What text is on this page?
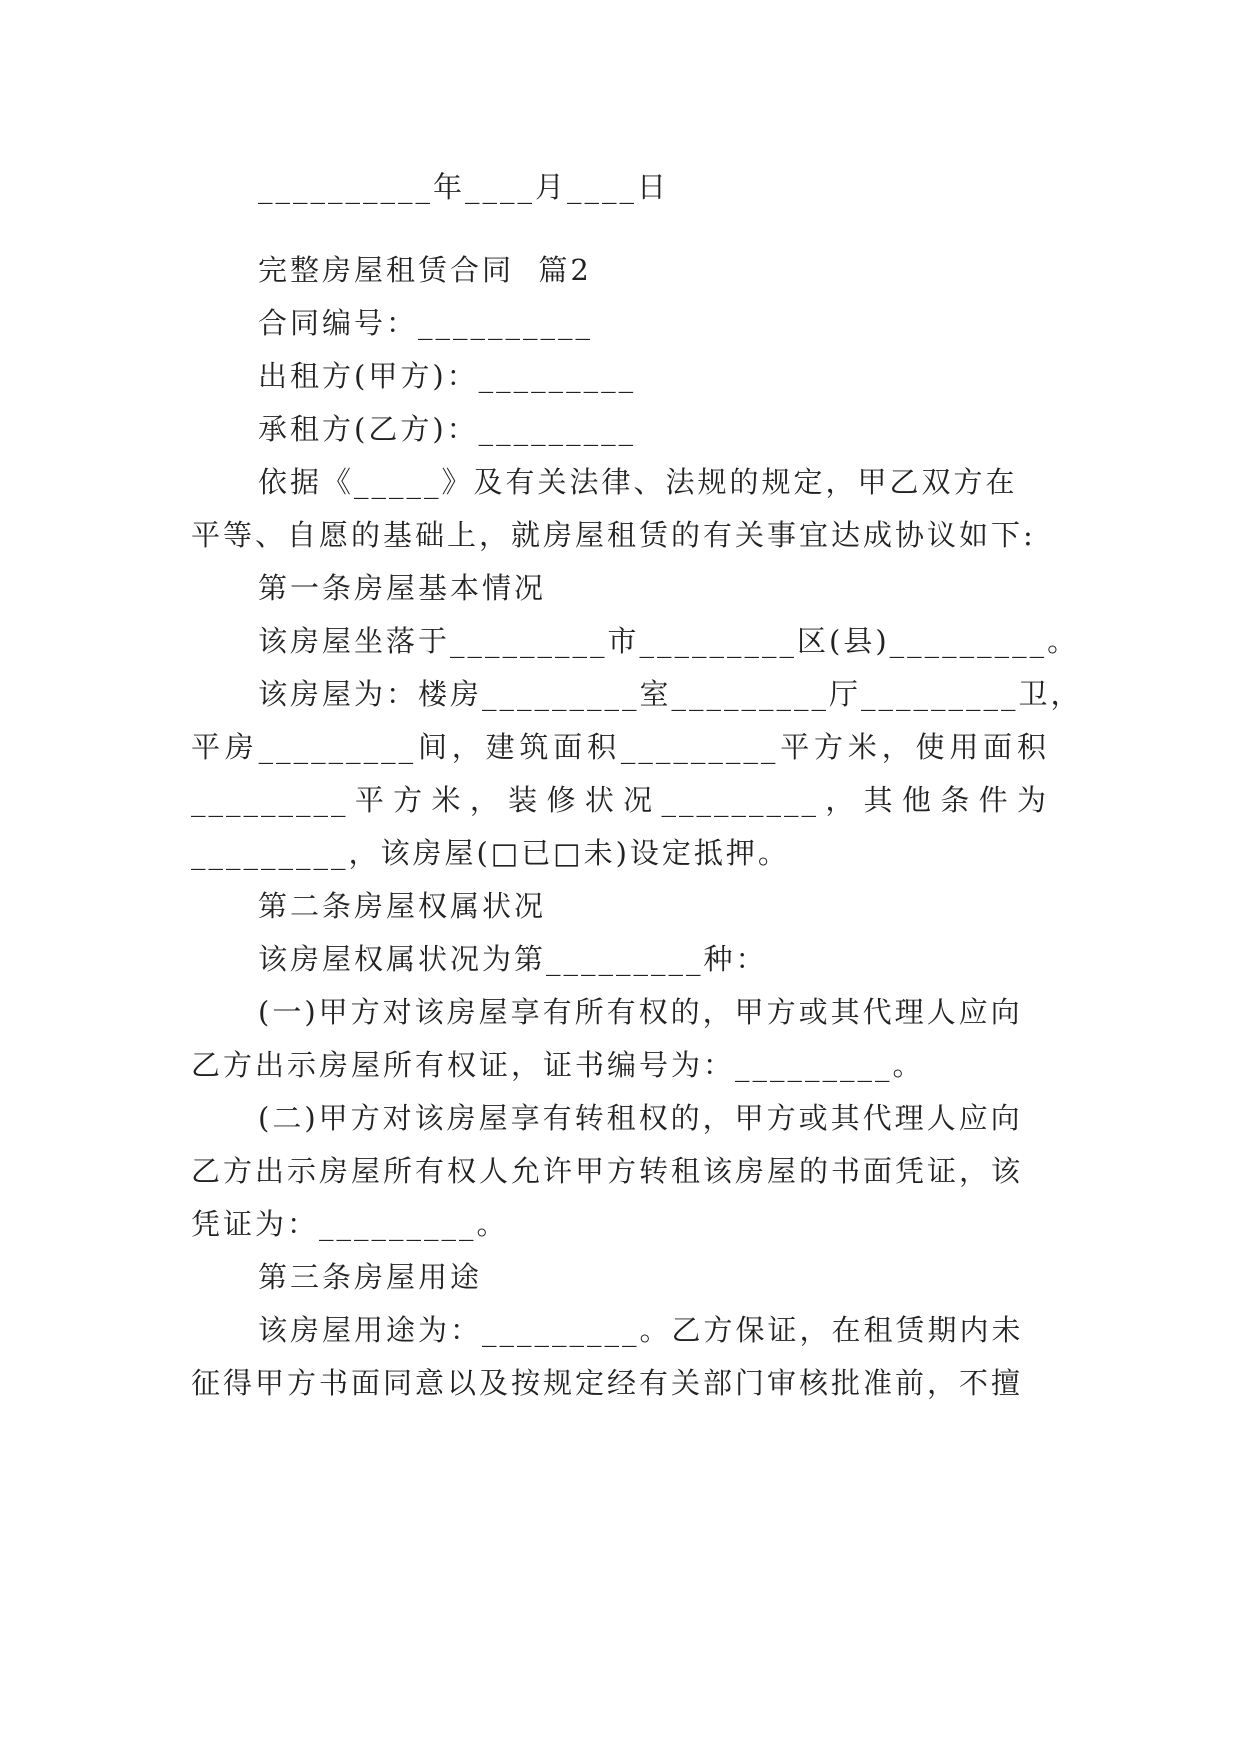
__________年____月____日
完整房屋租赁合同  篇2
合同编号：__________
出租方(甲方)：_________
承租方(乙方)：_________
依据《_____》及有关法律、法规的规定，甲乙双方在
平等、自愿的基础上，就房屋租赁的有关事宜达成协议如下:
第一条房屋基本情况
该房屋坐落于_________市_________区(县)_________。
该房屋为：楼房_________室_________厅_________卫，
平房_________间，建筑面积_________平方米，使用面积
_________平方米，装修状况_________，其他条件为
_________，该房屋(□已□未)设定抵押。
第二条房屋权属状况
该房屋权属状况为第_________种：
(一)甲方对该房屋享有所有权的，甲方或其代理人应向
乙方出示房屋所有权证，证书编号为：_________。
(二)甲方对该房屋享有转租权的，甲方或其代理人应向
乙方出示房屋所有权人允许甲方转租该房屋的书面凭证，该
凭证为：_________。
第三条房屋用途
该房屋用途为：_________。乙方保证，在租赁期内未
征得甲方书面同意以及按规定经有关部门审核批准前，不擅
